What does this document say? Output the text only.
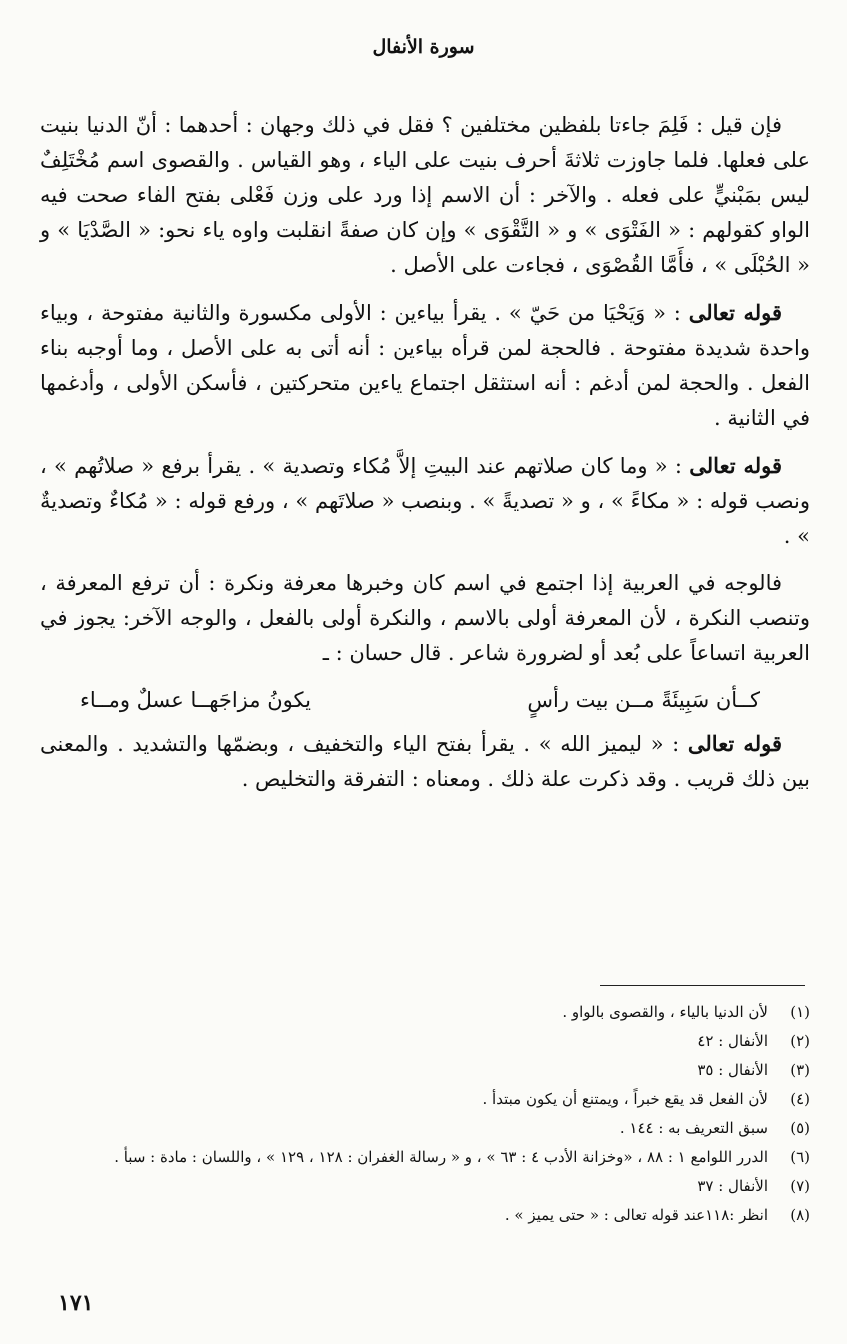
سورة الأنفال

فإن قيل : فَلِمَ جاءتا بلفظين مختلفين ؟ فقل في ذلك وجهان : أحدهما : أنّ الدنيا بنيت على فعلها. فلما جاوزت ثلاثةَ أحرف بنيت على الياء ، وهو القياس . والقصوى اسم مُخْتَلِفٌ ليس بمَبْنيٍّ على فعله . والآخر : أن الاسم إذا ورد على وزن فَعْلى بفتح الفاء صحت فيه الواو كقولهم : « الفَتْوَى » و « التَّقْوَى » وإن كان صفةً انقلبت واوه ياء نحو: « الصَّدْيَا » و « الحُبْلَى » ، فأَمَّا القُصْوَى ، فجاءت على الأصل .

قوله تعالى : « وَيَحْيَا من حَيّ » . يقرأ بياءين : الأولى مكسورة والثانية مفتوحة ، وبياء واحدة شديدة مفتوحة . فالحجة لمن قرأه بياءين : أنه أتى به على الأصل ، وما أوجبه بناء الفعل . والحجة لمن أدغم : أنه استثقل اجتماع ياءين متحركتين ، فأسكن الأولى ، وأدغمها في الثانية .

قوله تعالى : « وما كان صلاتهم عند البيتِ إلاَّ مُكاء وتصدية » . يقرأ برفع « صلاتُهم » ، ونصب قوله : « مكاءً » ، و « تصديةً » . وبنصب « صلاتَهم » ، ورفع قوله : « مُكاءٌ وتصديةٌ » .

فالوجه في العربية إذا اجتمع في اسم كان وخبرها معرفة ونكرة : أن ترفع المعرفة ، وتنصب النكرة ، لأن المعرفة أولى بالاسم ، والنكرة أولى بالفعل ، والوجه الآخر: يجوز في العربية اتساعاً على بُعد أو لضرورة شاعر . قال حسان : ـ

كــأن سَبِيئَةً مــن بيت رأسٍ
يكونُ مزاجَهــا عسلٌ ومــاء

قوله تعالى : « ليميز الله » . يقرأ بفتح الياء والتخفيف ، وبضمّها والتشديد . والمعنى بين ذلك قريب . وقد ذكرت علة ذلك . ومعناه : التفرقة والتخليص .

(١)
لأن الدنيا بالياء ، والقصوى بالواو .
(٢)
الأنفال : ٤٢
(٣)
الأنفال : ٣٥
(٤)
لأن الفعل قد يقع خبراً ، ويمتنع أن يكون مبتدأ .
(٥)
سبق التعريف به : ١٤٤ .
(٦)
الدرر اللوامع ١ : ٨٨ ، «وخزانة الأدب ٤ : ٦٣ » ، و « رسالة الغفران : ١٢٨ ، ١٢٩ » ، واللسان : مادة : سبأ .
(٧)
الأنفال : ٣٧
(٨)
انظر :١١٨عند قوله تعالى : « حتى يميز » .
١٧١
